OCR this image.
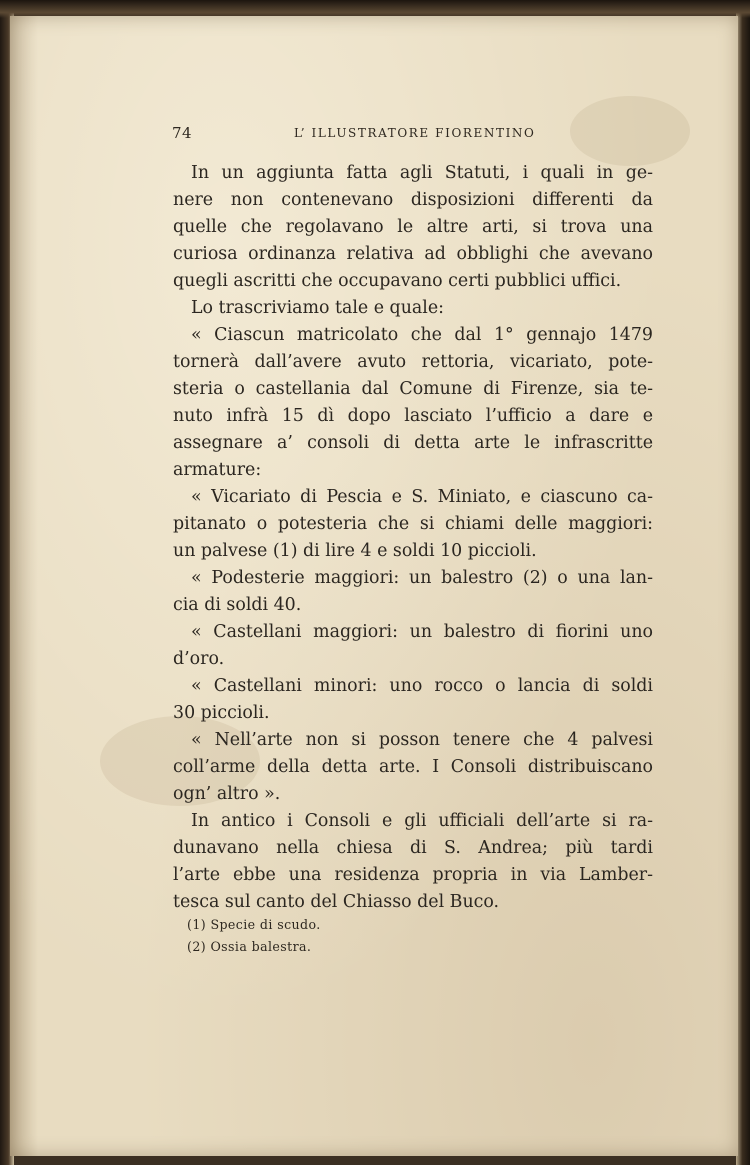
74	L’ ILLUSTRATORE FIORENTINO

In un aggiunta fatta agli Statuti, i quali in ge-
nere non contenevano disposizioni differenti da
quelle che regolavano le altre arti, si trova una
curiosa ordinanza relativa ad obblighi che avevano
quegli ascritti che occupavano certi pubblici uffici.

Lo trascriviamo tale e quale:

« Ciascun matricolato che dal 1° gennajo 1479
tornerà dall’avere avuto rettoria, vicariato, pote-
steria o castellania dal Comune di Firenze, sia te-
nuto infrà 15 dì dopo lasciato l’ufficio a dare e
assegnare a’ consoli di detta arte le infrascritte
armature:

« Vicariato di Pescia e S. Miniato, e ciascuno ca-
pitanato o potesteria che si chiami delle maggiori:
un palvese (1) di lire 4 e soldi 10 piccioli.

« Podesterie maggiori: un balestro (2) o una lan-
cia di soldi 40.

« Castellani maggiori: un balestro di fiorini uno
d’oro.

« Castellani minori: uno rocco o lancia di soldi
30 piccioli.

« Nell’arte non si posson tenere che 4 palvesi
coll’arme della detta arte. I Consoli distribuiscano
ogn’ altro ».

In antico i Consoli e gli ufficiali dell’arte si ra-
dunavano nella chiesa di S. Andrea; più tardi
l’arte ebbe una residenza propria in via Lamber-
tesca sul canto del Chiasso del Buco.

(1) Specie di scudo.
(2) Ossia balestra.
